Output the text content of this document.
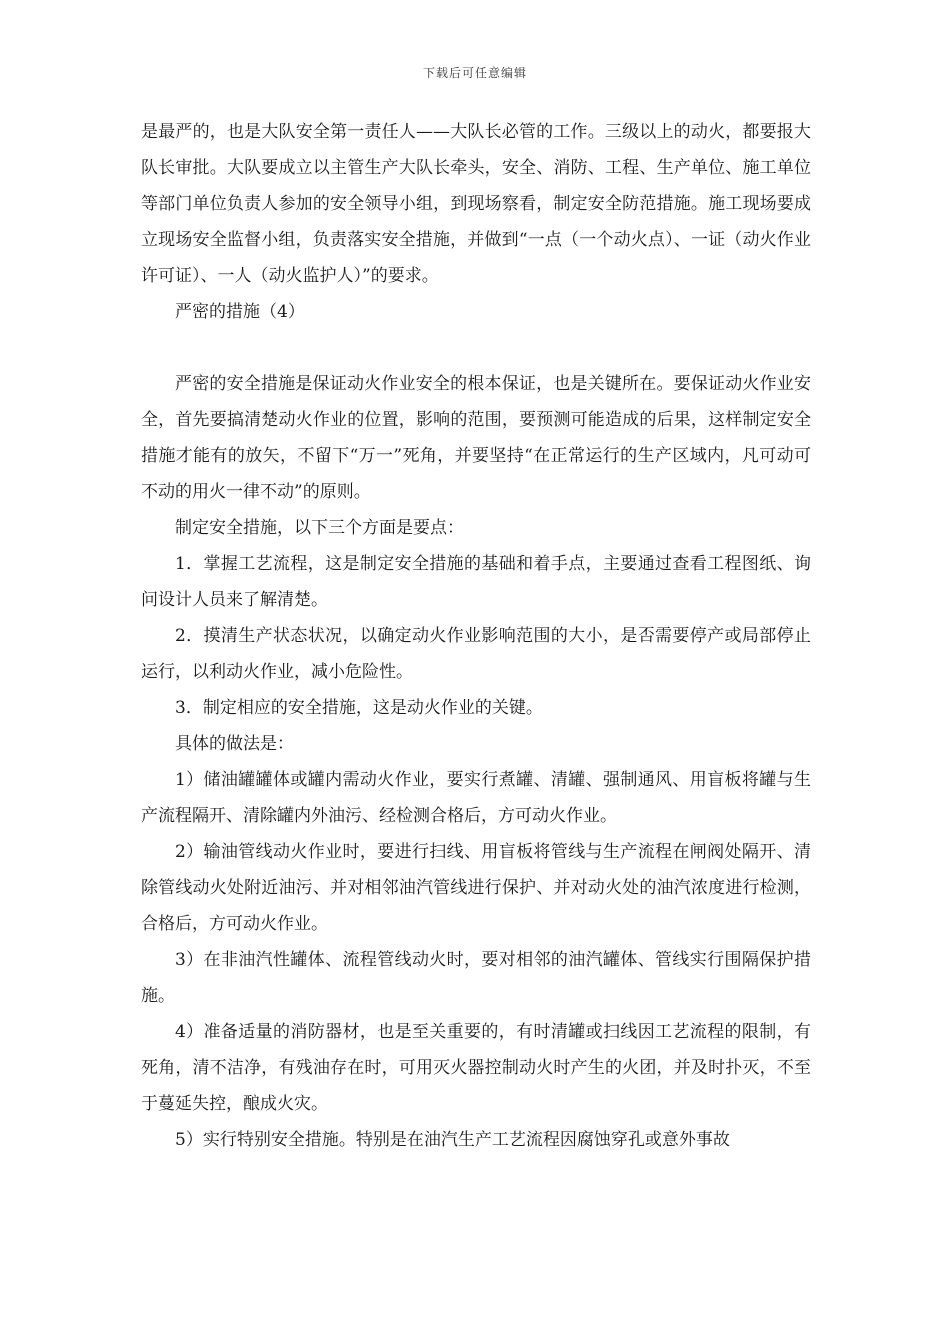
下载后可任意编辑

是最严的，也是大队安全第一责任人——大队长必管的工作。三级以上的动火，都要报大队长审批。大队要成立以主管生产大队长牵头，安全、消防、工程、生产单位、施工单位等部门单位负责人参加的安全领导小组，到现场察看，制定安全防范措施。施工现场要成立现场安全监督小组，负责落实安全措施，并做到“一点（一个动火点）、一证（动火作业许可证）、一人（动火监护人）”的要求。

严密的措施（4）

严密的安全措施是保证动火作业安全的根本保证，也是关键所在。要保证动火作业安全，首先要搞清楚动火作业的位置，影响的范围，要预测可能造成的后果，这样制定安全措施才能有的放矢，不留下“万一”死角，并要坚持“在正常运行的生产区域内，凡可动可不动的用火一律不动”的原则。

制定安全措施，以下三个方面是要点：

1．掌握工艺流程，这是制定安全措施的基础和着手点，主要通过查看工程图纸、询问设计人员来了解清楚。

2．摸清生产状态状况，以确定动火作业影响范围的大小，是否需要停产或局部停止运行，以利动火作业，减小危险性。

3．制定相应的安全措施，这是动火作业的关键。

具体的做法是：

1）储油罐罐体或罐内需动火作业，要实行煮罐、清罐、强制通风、用盲板将罐与生产流程隔开、清除罐内外油污、经检测合格后，方可动火作业。

2）输油管线动火作业时，要进行扫线、用盲板将管线与生产流程在闸阀处隔开、清除管线动火处附近油污、并对相邻油汽管线进行保护、并对动火处的油汽浓度进行检测，合格后，方可动火作业。

3）在非油汽性罐体、流程管线动火时，要对相邻的油汽罐体、管线实行围隔保护措施。

4）准备适量的消防器材，也是至关重要的，有时清罐或扫线因工艺流程的限制，有死角，清不洁净，有残油存在时，可用灭火器控制动火时产生的火团，并及时扑灭，不至于蔓延失控，酿成火灾。

5）实行特别安全措施。特别是在油汽生产工艺流程因腐蚀穿孔或意外事故
